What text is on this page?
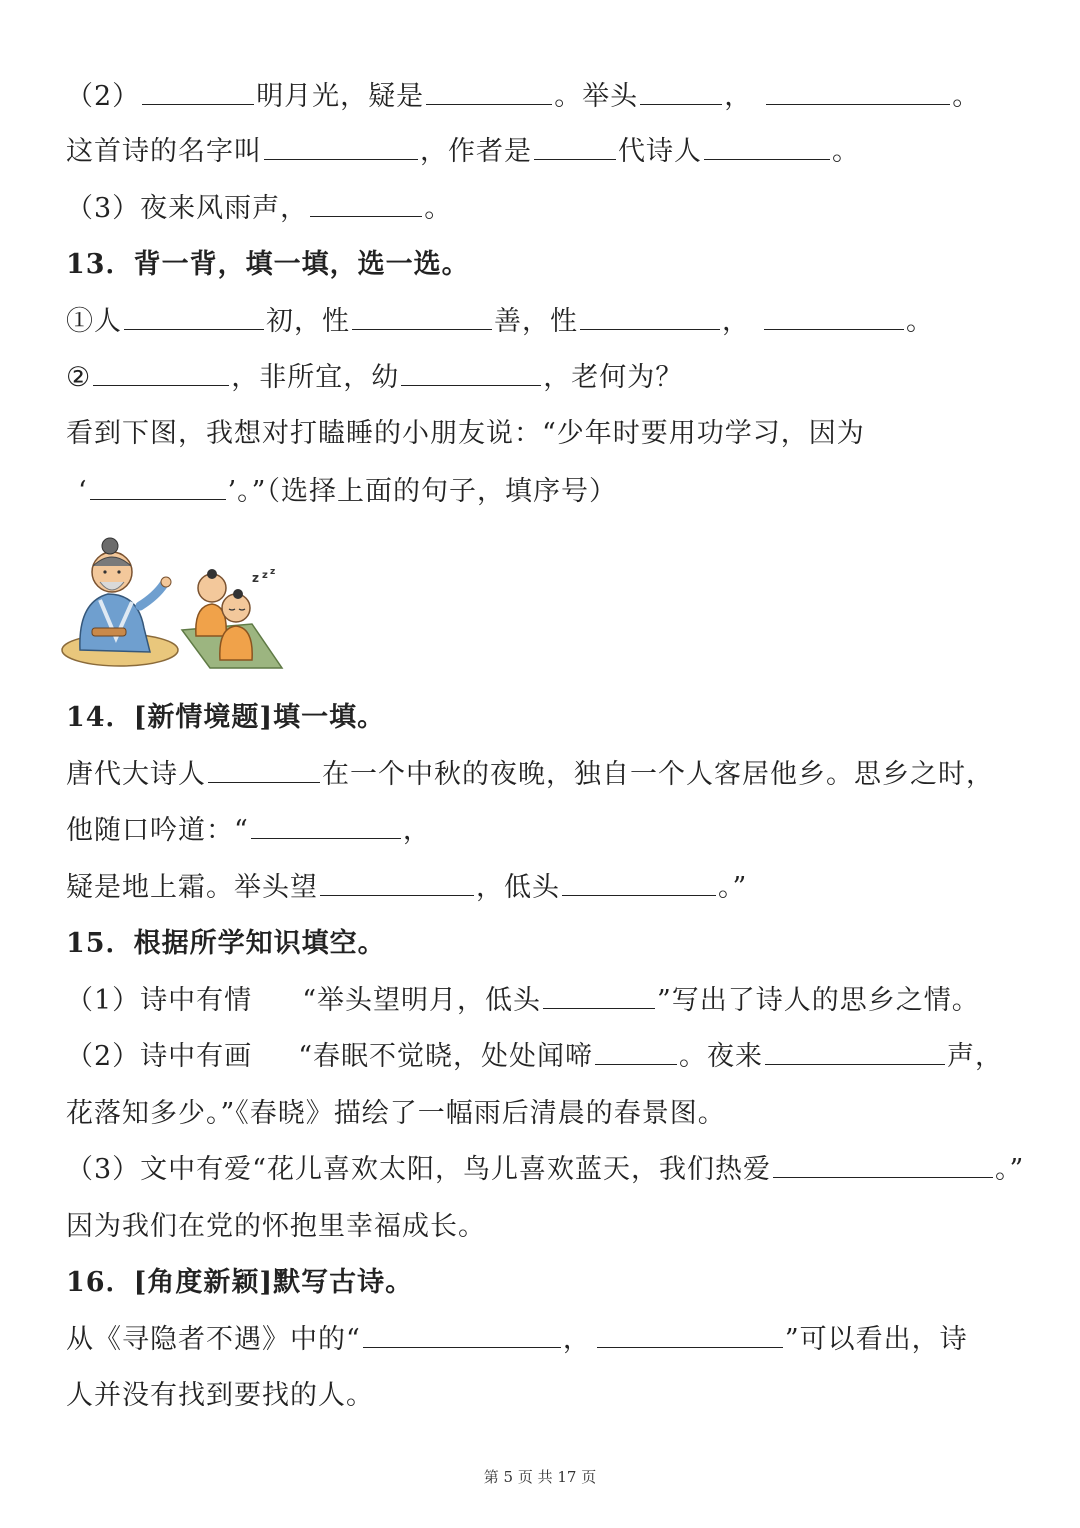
（2）	明月光，疑是	。举头	，	。
这首诗的名字叫	，作者是	代诗人	。
（3）夜来风雨声，	。
13．背一背，填一填，选一选。
①人	初，性	善，性	，	。
②	，非所宜，幼	，老何为？
看到下图，我想对打瞌睡的小朋友说：“少年时要用功学习，因为
‘	’。”（选择上面的句子，填序号）
z z z
14．[新情境题]填一填。
唐代大诗人	在一个中秋的夜晚，独自一个人客居他乡。思乡之时，
他随口吟道：“	，
疑是地上霜。举头望	，低头	。”
15．根据所学知识填空。
（1）诗中有情 “举头望明月，低头	”写出了诗人的思乡之情。
（2）诗中有画 “春眠不觉晓，处处闻啼	。夜来	声，
花落知多少。”《春晓》描绘了一幅雨后清晨的春景图。
（3）文中有爱“花儿喜欢太阳，鸟儿喜欢蓝天，我们热爱	。”
因为我们在党的怀抱里幸福成长。
16．[角度新颖]默写古诗。
从《寻隐者不遇》中的“	，	”可以看出，诗
人并没有找到要找的人。
第 5 页 共 17 页
